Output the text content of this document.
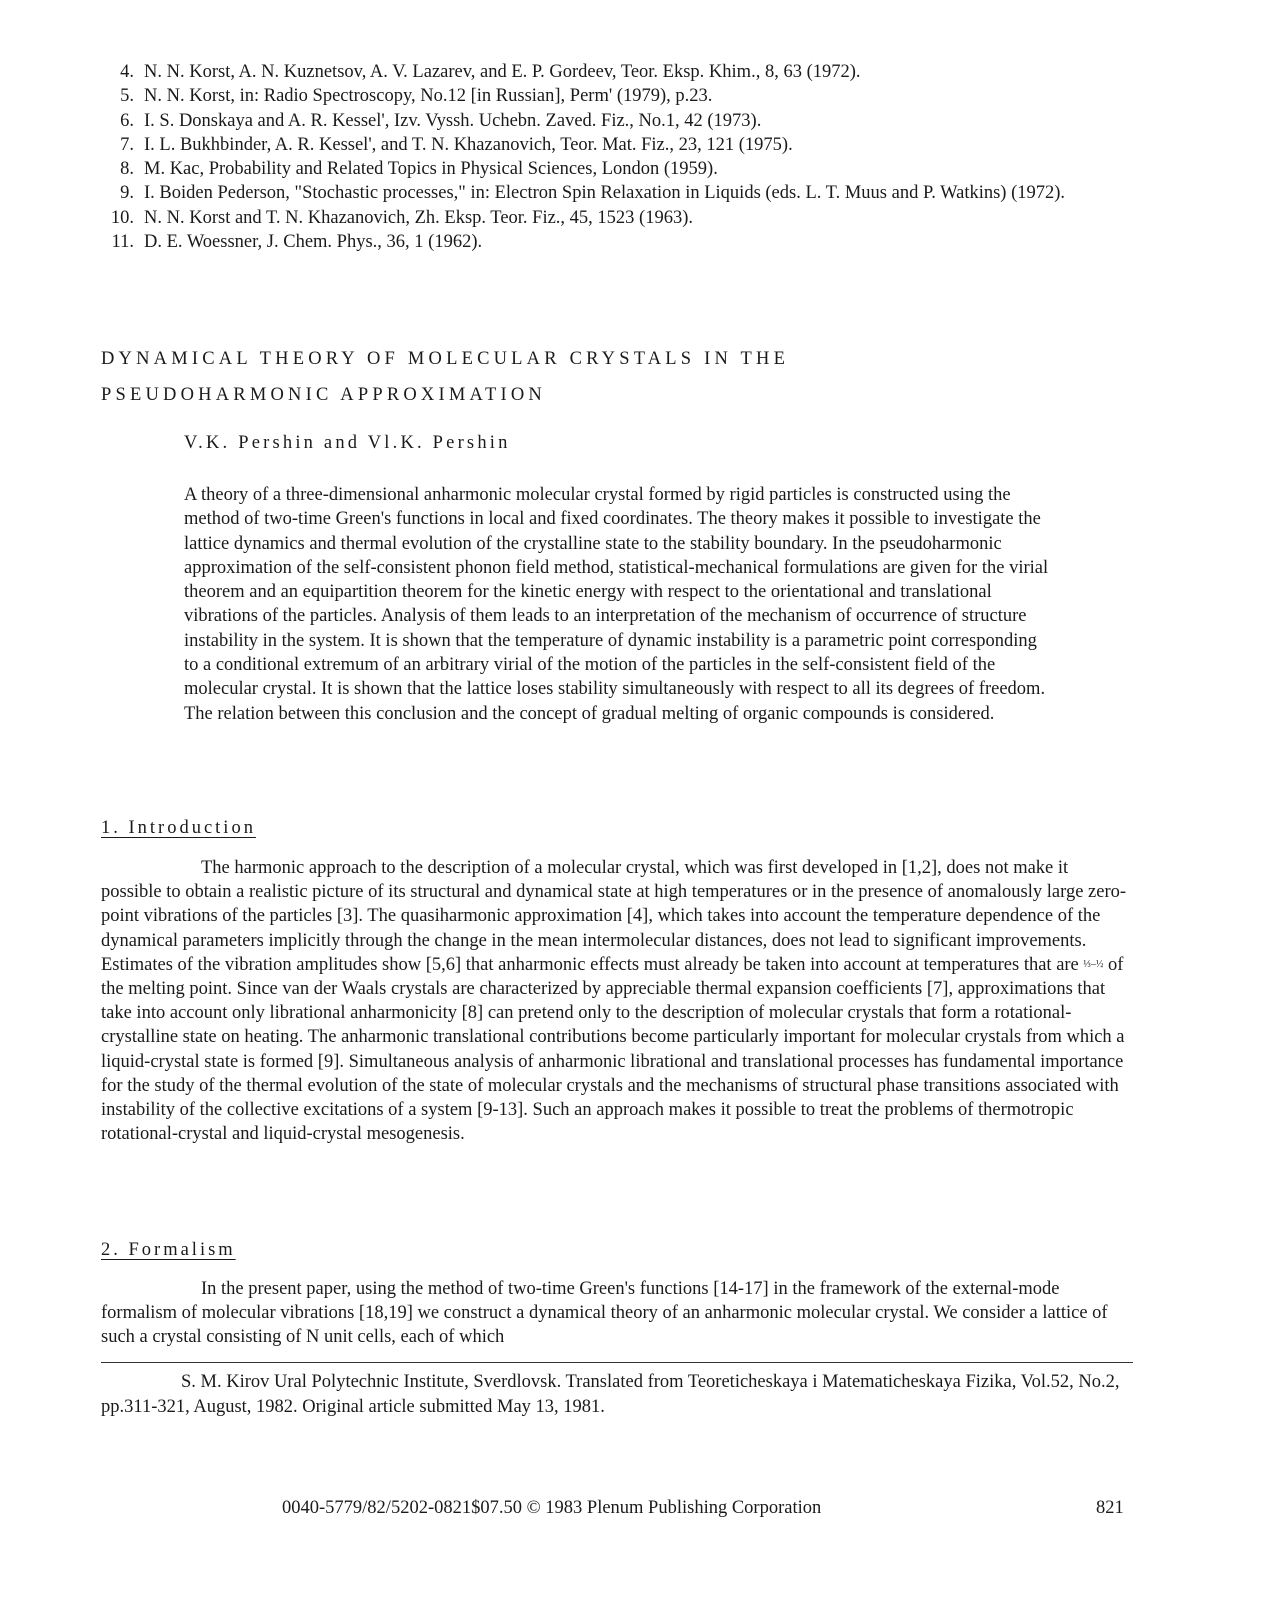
4. N. N. Korst, A. N. Kuznetsov, A. V. Lazarev, and E. P. Gordeev, Teor. Eksp. Khim., 8, 63 (1972).
5. N. N. Korst, in: Radio Spectroscopy, No.12 [in Russian], Perm' (1979), p.23.
6. I. S. Donskaya and A. R. Kessel', Izv. Vyssh. Uchebn. Zaved. Fiz., No.1, 42 (1973).
7. I. L. Bukhbinder, A. R. Kessel', and T. N. Khazanovich, Teor. Mat. Fiz., 23, 121 (1975).
8. M. Kac, Probability and Related Topics in Physical Sciences, London (1959).
9. I. Boiden Pederson, "Stochastic processes," in: Electron Spin Relaxation in Liquids (eds. L. T. Muus and P. Watkins) (1972).
10. N. N. Korst and T. N. Khazanovich, Zh. Eksp. Teor. Fiz., 45, 1523 (1963).
11. D. E. Woessner, J. Chem. Phys., 36, 1 (1962).
DYNAMICAL THEORY OF MOLECULAR CRYSTALS IN THE
PSEUDOHARMONIC APPROXIMATION
V.K. Pershin and Vl.K. Pershin

A theory of a three-dimensional anharmonic molecular crystal formed by rigid particles is constructed using the method of two-time Green's functions in local and fixed coordinates. The theory makes it possible to investigate the lattice dynamics and thermal evolution of the crystalline state to the stability boundary. In the pseudoharmonic approximation of the self-consistent phonon field method, statistical-mechanical formulations are given for the virial theorem and an equipartition theorem for the kinetic energy with respect to the orientational and translational vibrations of the particles. Analysis of them leads to an interpretation of the mechanism of occurrence of structure instability in the system. It is shown that the temperature of dynamic instability is a parametric point corresponding to a conditional extremum of an arbitrary virial of the motion of the particles in the self-consistent field of the molecular crystal. It is shown that the lattice loses stability simultaneously with respect to all its degrees of freedom. The relation between this conclusion and the concept of gradual melting of organic compounds is considered.

1. Introduction

The harmonic approach to the description of a molecular crystal, which was first developed in [1,2], does not make it possible to obtain a realistic picture of its structural and dynamical state at high temperatures or in the presence of anomalously large zero-point vibrations of the particles [3]. The quasiharmonic approximation [4], which takes into account the temperature dependence of the dynamical parameters implicitly through the change in the mean intermolecular distances, does not lead to significant improvements. Estimates of the vibration amplitudes show [5,6] that anharmonic effects must already be taken into account at temperatures that are ⅓–½ of the melting point. Since van der Waals crystals are characterized by appreciable thermal expansion coefficients [7], approximations that take into account only librational anharmonicity [8] can pretend only to the description of molecular crystals that form a rotational-crystalline state on heating. The anharmonic translational contributions become particularly important for molecular crystals from which a liquid-crystal state is formed [9]. Simultaneous analysis of anharmonic librational and translational processes has fundamental importance for the study of the thermal evolution of the state of molecular crystals and the mechanisms of structural phase transitions associated with instability of the collective excitations of a system [9-13]. Such an approach makes it possible to treat the problems of thermotropic rotational-crystal and liquid-crystal mesogenesis.

2. Formalism

In the present paper, using the method of two-time Green's functions [14-17] in the framework of the external-mode formalism of molecular vibrations [18,19] we construct a dynamical theory of an anharmonic molecular crystal. We consider a lattice of such a crystal consisting of N unit cells, each of which

S. M. Kirov Ural Polytechnic Institute, Sverdlovsk. Translated from Teoreticheskaya i Matematicheskaya Fizika, Vol.52, No.2, pp.311-321, August, 1982. Original article submitted May 13, 1981.

0040-5779/82/5202-0821$07.50 © 1983 Plenum Publishing Corporation	821
